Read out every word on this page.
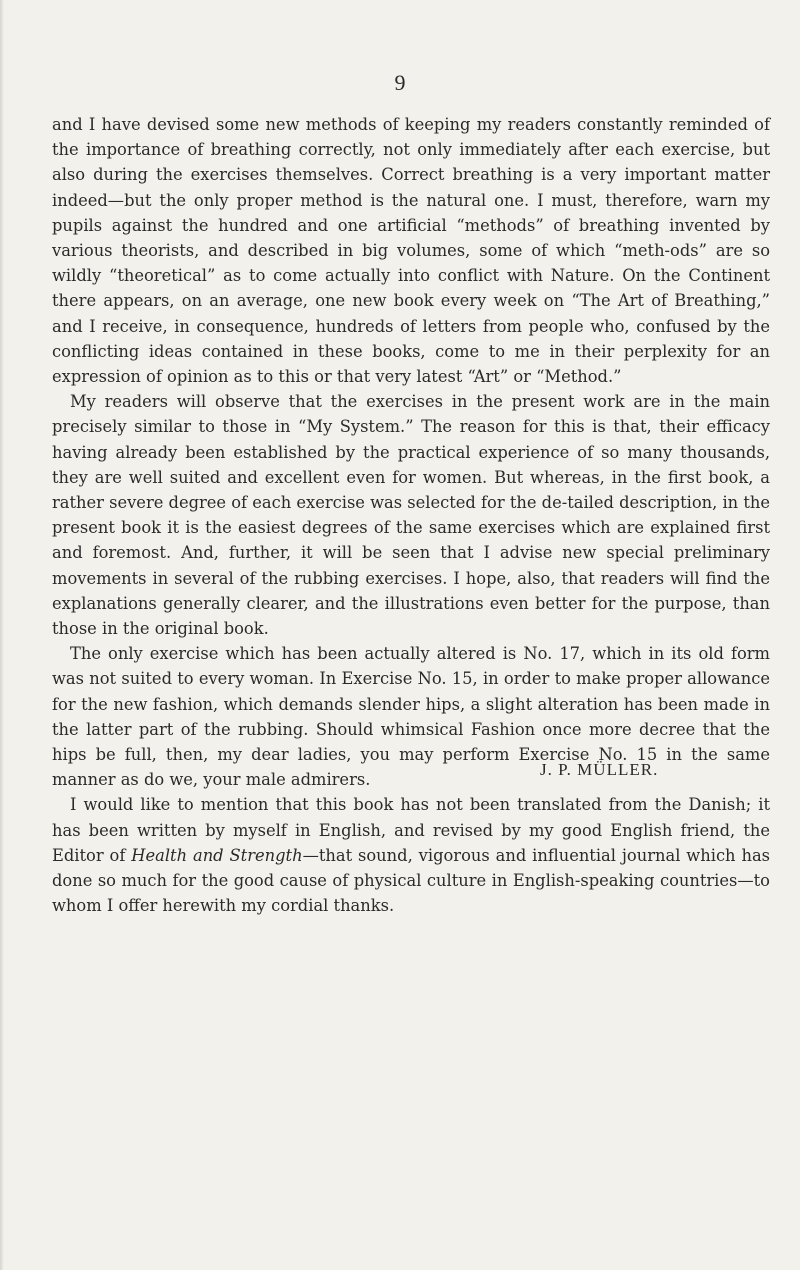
9

and I have devised some new methods of keeping my readers constantly reminded of the importance of breathing correctly, not only immediately after each exercise, but also during the exercises themselves. Correct breathing is a very important matter indeed—but the only proper method is the natural one. I must, therefore, warn my pupils against the hundred and one artificial “methods” of breathing invented by various theorists, and described in big volumes, some of which “meth-ods” are so wildly “theoretical” as to come actually into conflict with Nature. On the Continent there appears, on an average, one new book every week on “The Art of Breathing,” and I receive, in consequence, hundreds of letters from people who, confused by the conflicting ideas contained in these books, come to me in their perplexity for an expression of opinion as to this or that very latest “Art” or “Method.”

My readers will observe that the exercises in the present work are in the main precisely similar to those in “My System.” The reason for this is that, their efficacy having already been established by the practical experience of so many thousands, they are well suited and excellent even for women. But whereas, in the first book, a rather severe degree of each exercise was selected for the de-tailed description, in the present book it is the easiest degrees of the same exercises which are explained first and foremost. And, further, it will be seen that I advise new special preliminary movements in several of the rubbing exercises. I hope, also, that readers will find the explanations generally clearer, and the illustrations even better for the purpose, than those in the original book.

The only exercise which has been actually altered is No. 17, which in its old form was not suited to every woman. In Exercise No. 15, in order to make proper allowance for the new fashion, which demands slender hips, a slight alteration has been made in the latter part of the rubbing. Should whimsical Fashion once more decree that the hips be full, then, my dear ladies, you may perform Exercise No. 15 in the same manner as do we, your male admirers.

I would like to mention that this book has not been translated from the Danish; it has been written by myself in English, and revised by my good English friend, the Editor of Health and Strength—that sound, vigorous and influential journal which has done so much for the good cause of physical culture in English-speaking countries—to whom I offer herewith my cordial thanks.

J. P. MÜLLER.
